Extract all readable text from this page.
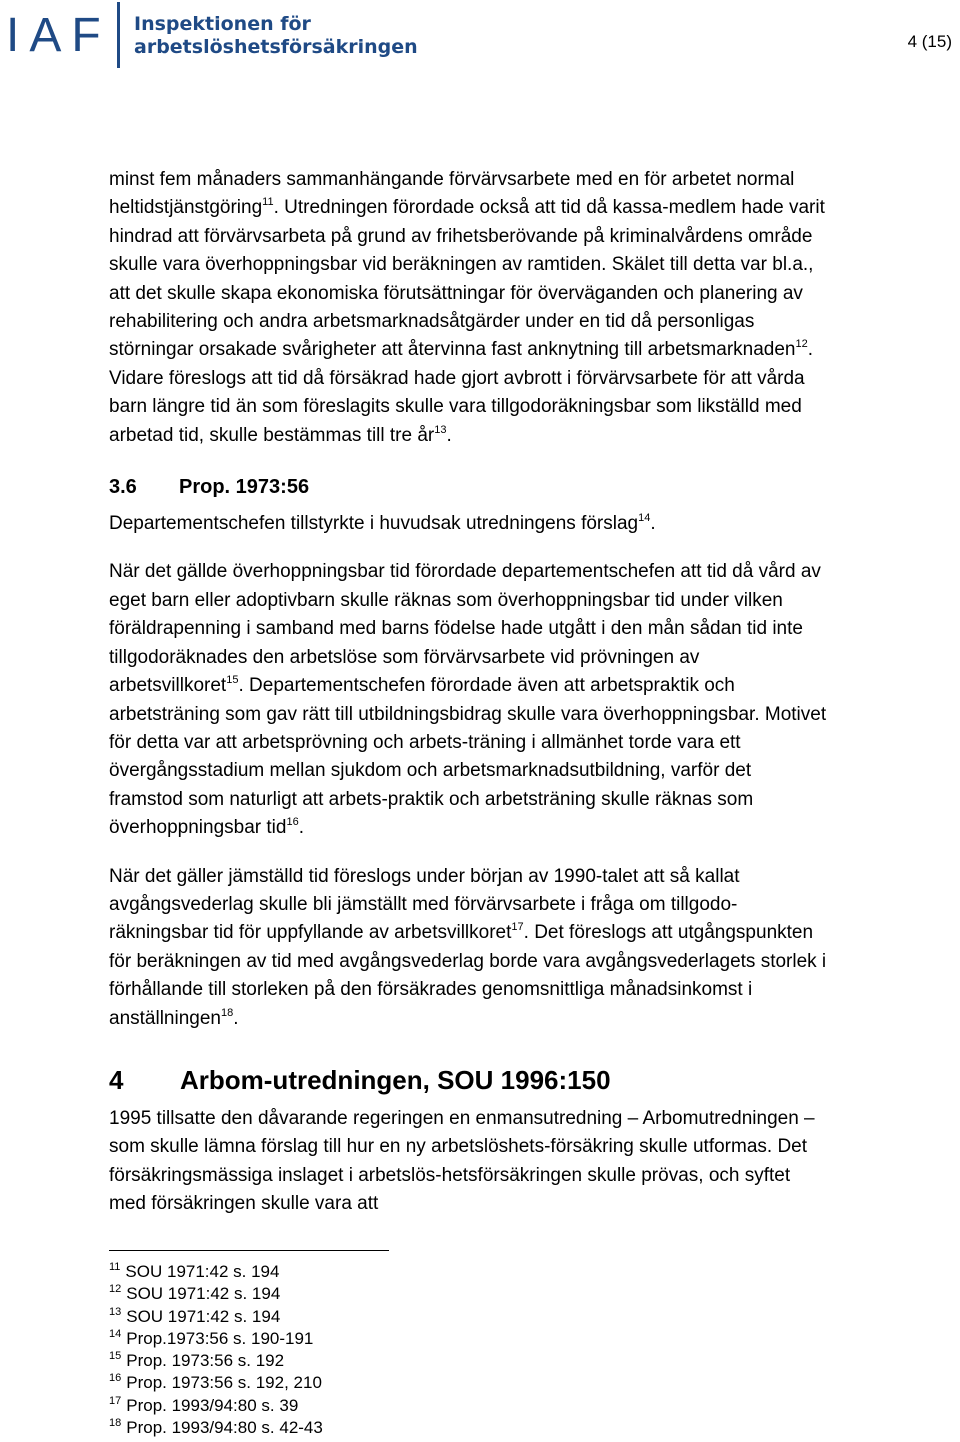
IAF Inspektionen för
arbetslöshetsförsäkringen	4 (15)

minst fem månaders sammanhängande förvärvsarbete med en för arbetet normal heltidstjänstgöring$^{11}$. Utredningen förordade också att tid då kassa-medlem hade varit hindrad att förvärvsarbeta på grund av frihetsberövande på kriminalvårdens område skulle vara överhoppningsbar vid beräkningen av ramtiden. Skälet till detta var bl.a., att det skulle skapa ekonomiska förutsättningar för överväganden och planering av rehabilitering och andra arbetsmarknadsåtgärder under en tid då personligas störningar orsakade svårigheter att återvinna fast anknytning till arbetsmarknaden$^{12}$. Vidare föreslogs att tid då försäkrad hade gjort avbrott i förvärvsarbete för att vårda barn längre tid än som föreslagits skulle vara tillgodoräkningsbar som likställd med arbetad tid, skulle bestämmas till tre $år^{13}$.

3.6 Prop. 1973:56

Departementschefen tillstyrkte i huvudsak utredningens förslag$^{14}$.

När det gällde överhoppningsbar tid förordade departementschefen att tid då vård av eget barn eller adoptivbarn skulle räknas som överhoppningsbar tid under vilken föräldrapenning i samband med barns födelse hade utgått i den mån sådan tid inte tillgodoräknades den arbetslöse som förvärvsarbete vid prövningen av arbetsvillkoret$^{15}$. Departementschefen förordade även att arbetspraktik och arbetsträning som gav rätt till utbildningsbidrag skulle vara överhoppningsbar. Motivet för detta var att arbetsprövning och arbets-träning i allmänhet torde vara ett övergångsstadium mellan sjukdom och arbetsmarknadsutbildning, varför det framstod som naturligt att arbets-praktik och arbetsträning skulle räknas som överhoppningsbar tid$^{16}$.

När det gäller jämställd tid föreslogs under början av 1990-talet att så kallat avgångsvederlag skulle bli jämställt med förvärvsarbete i fråga om tillgodo-räkningsbar tid för uppfyllande av arbetsvillkoret$^{17}$. Det föreslogs att utgångspunkten för beräkningen av tid med avgångsvederlag borde vara avgångsvederlagets storlek i förhållande till storleken på den försäkrades genomsnittliga månadsinkomst i anställningen$^{18}$.

4 Arbom-utredningen, SOU 1996:150

1995 tillsatte den dåvarande regeringen en enmansutredning – Arbomutredningen – som skulle lämna förslag till hur en ny arbetslöshets-försäkring skulle utformas. Det försäkringsmässiga inslaget i arbetslös-hetsförsäkringen skulle prövas, och syftet med försäkringen skulle vara att

$^{11}$ SOU 1971:42 s. 194
$^{12}$ SOU 1971:42 s. 194
$^{13}$ SOU 1971:42 s. 194
$^{14}$ Prop.1973:56 s. 190-191
$^{15}$ Prop. 1973:56 s. 192
$^{16}$ Prop. 1973:56 s. 192, 210
$^{17}$ Prop. 1993/94:80 s. 39
$^{18}$ Prop. 1993/94:80 s. 42-43
